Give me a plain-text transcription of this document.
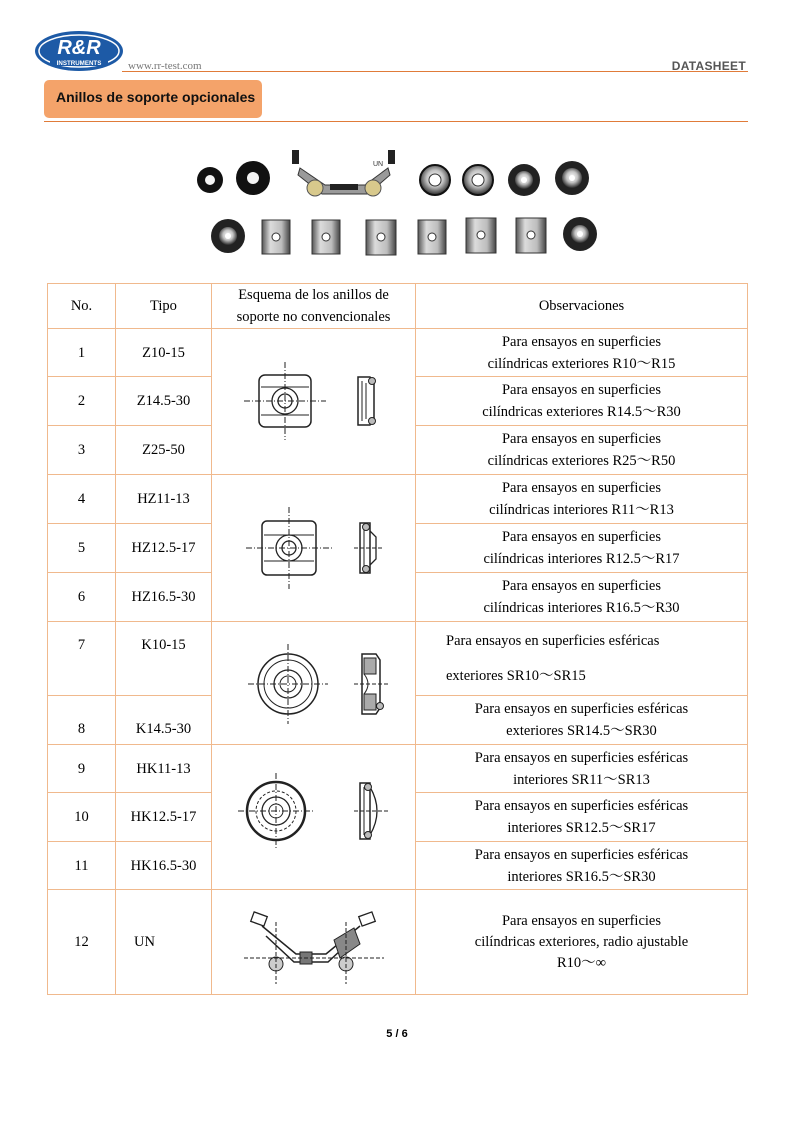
R&R
INSTRUMENTS www.rr-test.com	DATASHEET
Anillos de soporte opcionales
UN
No.	Tipo	Esquema de los anillos de
soporte no convencionales	Observaciones
1	Z10-15		Para ensayos en superficies
cilíndricas exteriores R10～R15
2	Z14.5-30		Para ensayos en superficies
cilíndricas exteriores R14.5～R30
3	Z25-50		Para ensayos en superficies
cilíndricas exteriores R25～R50
4	HZ11-13		Para ensayos en superficies
cilíndricas interiores R11～R13
5	HZ12.5-17		Para ensayos en superficies
cilíndricas interiores R12.5～R17
6	HZ16.5-30		Para ensayos en superficies
cilíndricas interiores R16.5～R30
7	K10-15		Para ensayos en superficies esféricas
exteriores SR10～SR15
8	K14.5-30		Para ensayos en superficies esféricas
exteriores SR14.5～SR30
9	HK11-13		Para ensayos en superficies esféricas
interiores SR11～SR13
10	HK12.5-17		Para ensayos en superficies esféricas
interiores SR12.5～SR17
11	HK16.5-30		Para ensayos en superficies esféricas
interiores SR16.5～SR30
12	UN		Para ensayos en superficies
cilíndricas exteriores, radio ajustable
R10～∞
5 / 6
